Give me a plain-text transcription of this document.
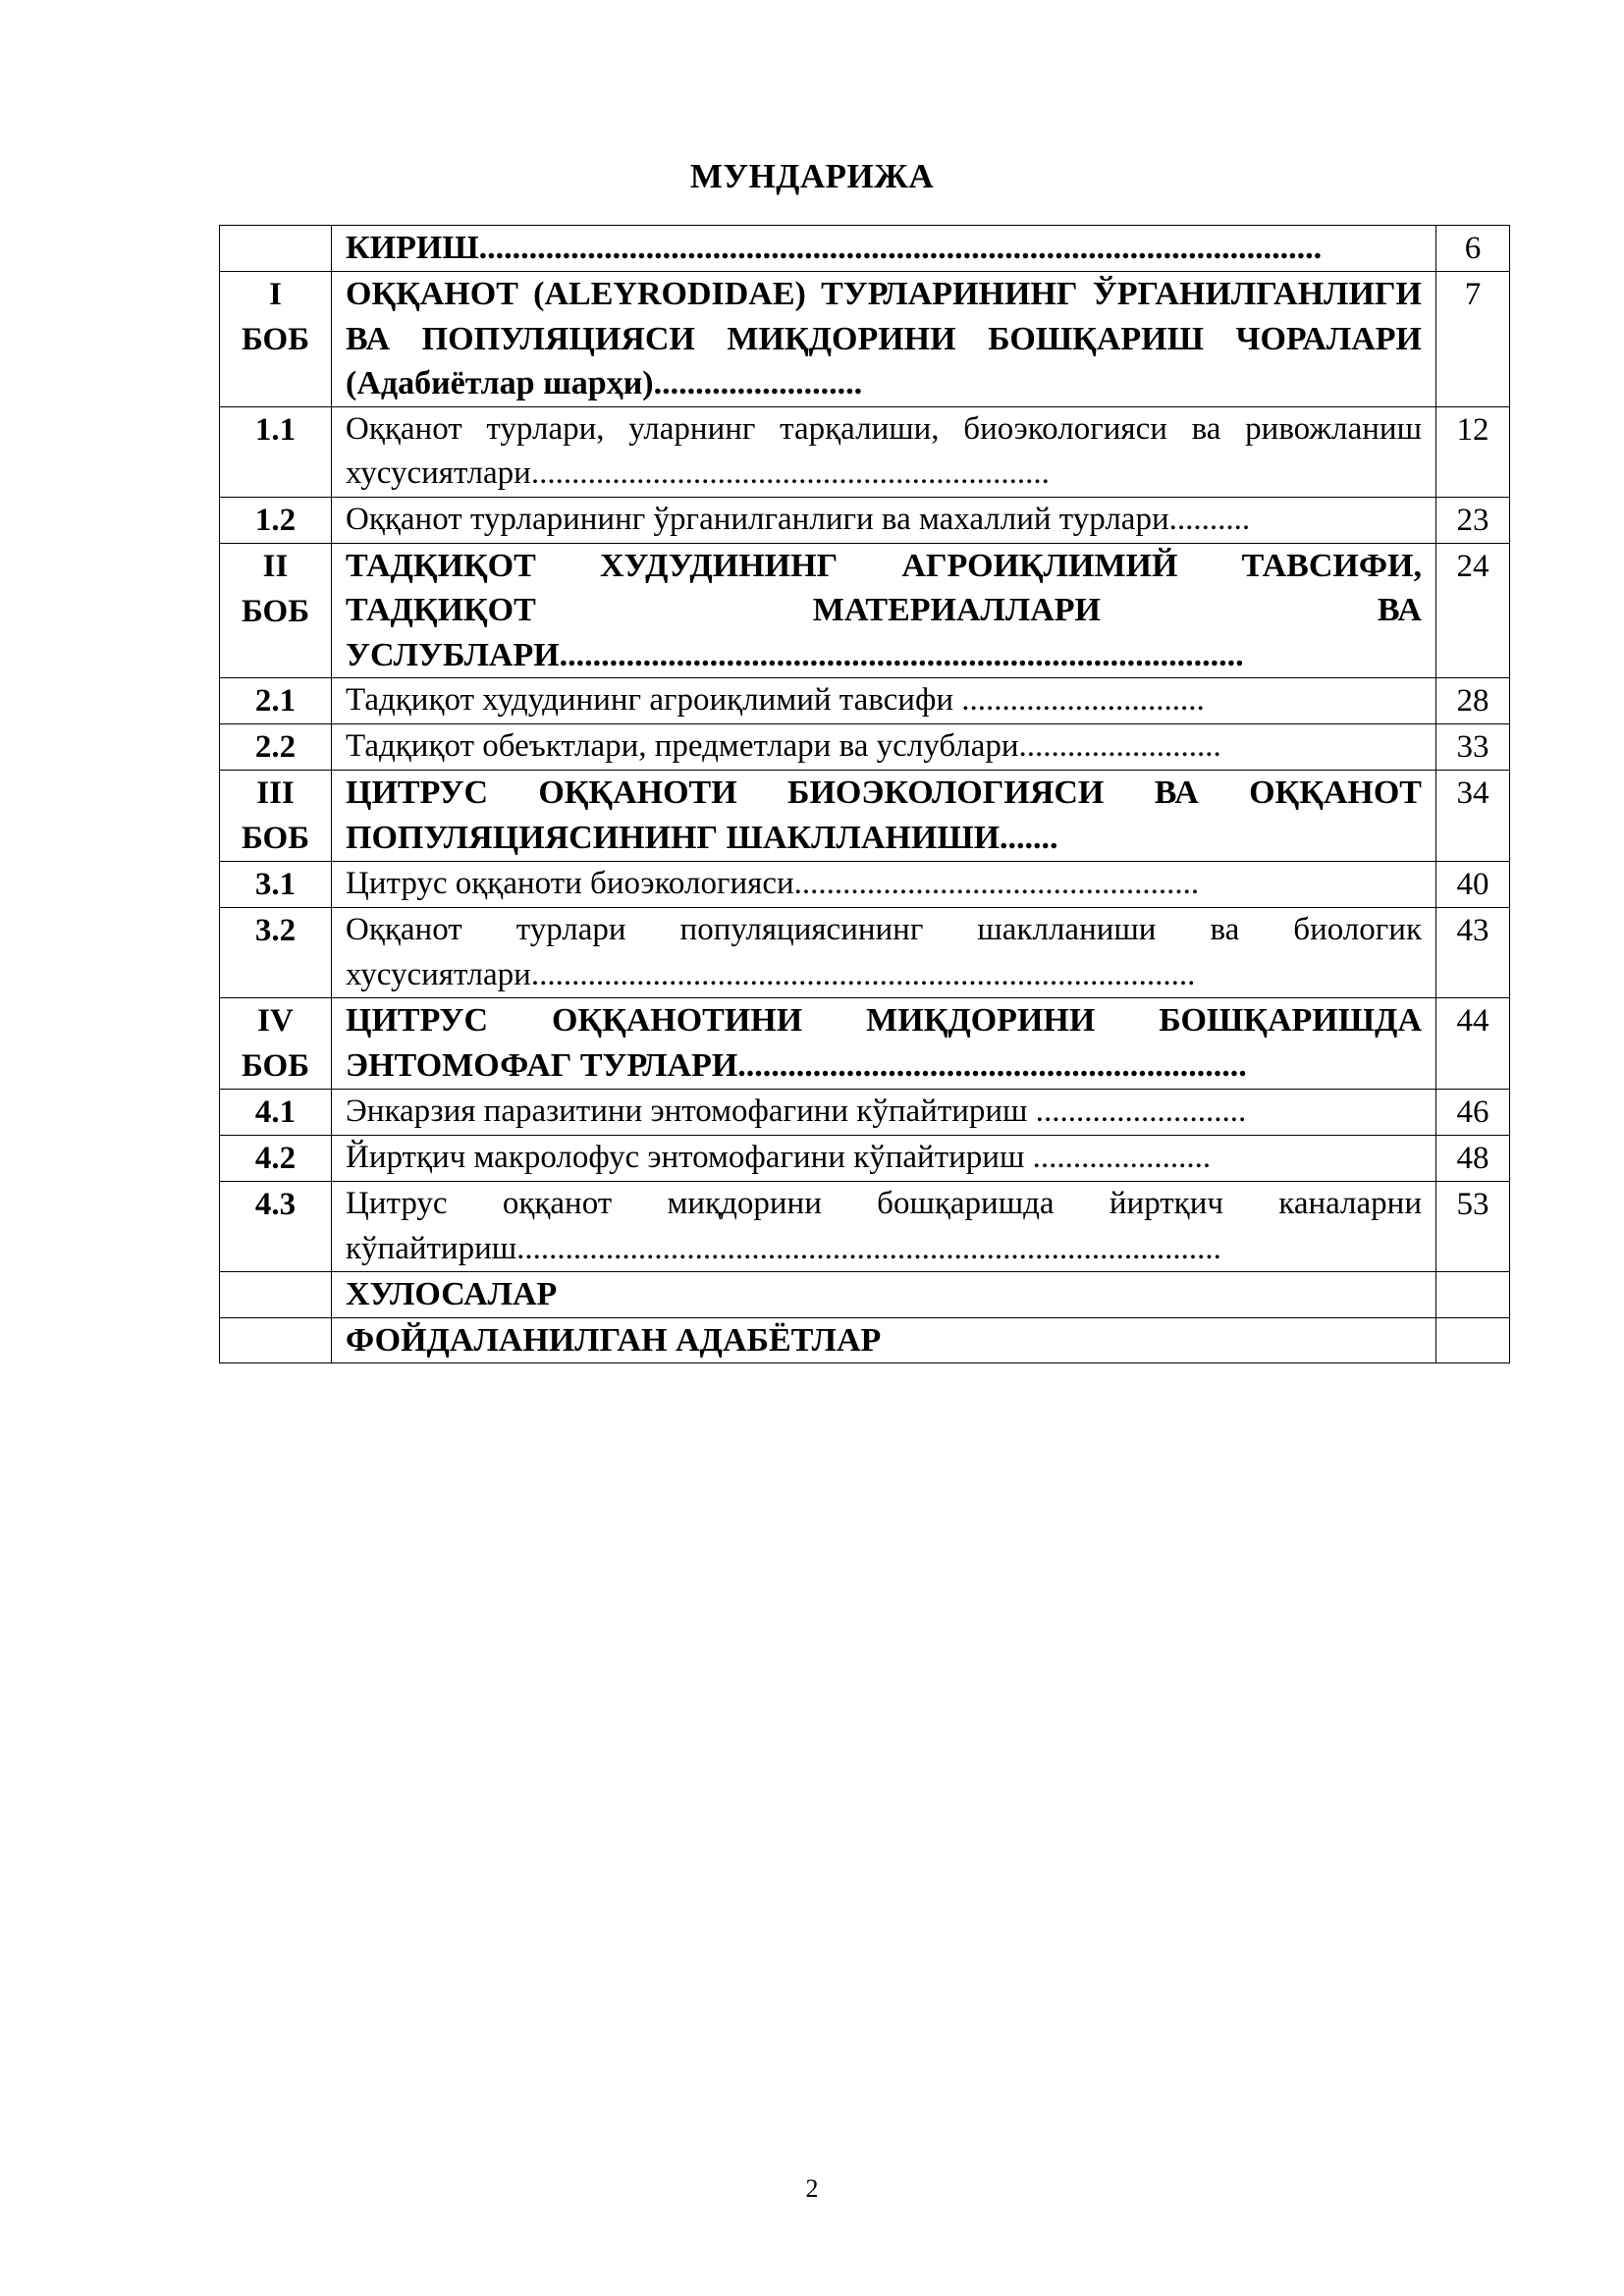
МУНДАРИЖА
	КИРИШ.....................................................................................................	6

I
БОБ	ОҚҚАНОТ (ALEYRODIDAE) ТУРЛАРИНИНГ ЎРГАНИЛГАНЛИГИ ВА ПОПУЛЯЦИЯСИ МИҚДОРИНИ БОШҚАРИШ ЧОРАЛАРИ (Адабиётлар шарҳи).........................	7

1.1	Оққанот турлари, уларнинг тарқалиши, биоэкологияси ва ривожланиш хусусиятлари................................................................	12

1.2	Оққанот турларининг ўрганилганлиги ва махаллий турлари..........	23

II
БОБ	ТАДҚИҚОТ ХУДУДИНИНГ АГРОИҚЛИМИЙ ТАВСИФИ, ТАДҚИҚОТ МАТЕРИАЛЛАРИ ВА УСЛУБЛАРИ..................................................................................	24

2.1	Тадқиқот худудининг агроиқлимий тавсифи ..............................	28

2.2	Тадқиқот обеъктлари, предметлари ва услублари.........................	33

III
БОБ	ЦИТРУС ОҚҚАНОТИ БИОЭКОЛОГИЯСИ ВА ОҚҚАНОТ ПОПУЛЯЦИЯСИНИНГ ШАКЛЛАНИШИ.......	34

3.1	Цитрус оққаноти биоэкологияси..................................................	40

3.2	Оққанот турлари популяциясининг шаклланиши ва биологик хусусиятлари..................................................................................	43

IV
БОБ	ЦИТРУС ОҚҚАНОТИНИ МИҚДОРИНИ БОШҚАРИШДА ЭНТОМОФАГ ТУРЛАРИ.............................................................	44

4.1	Энкарзия паразитини энтомофагини кўпайтириш ..........................	46

4.2	Йиртқич макролофус энтомофагини кўпайтириш ......................	48

4.3	Цитрус оққанот миқдорини бошқаришда йиртқич каналарни кўпайтириш.......................................................................................	53
	ХУЛОСАЛАР	
	ФОЙДАЛАНИЛГАН АДАБЁТЛАР	
2
